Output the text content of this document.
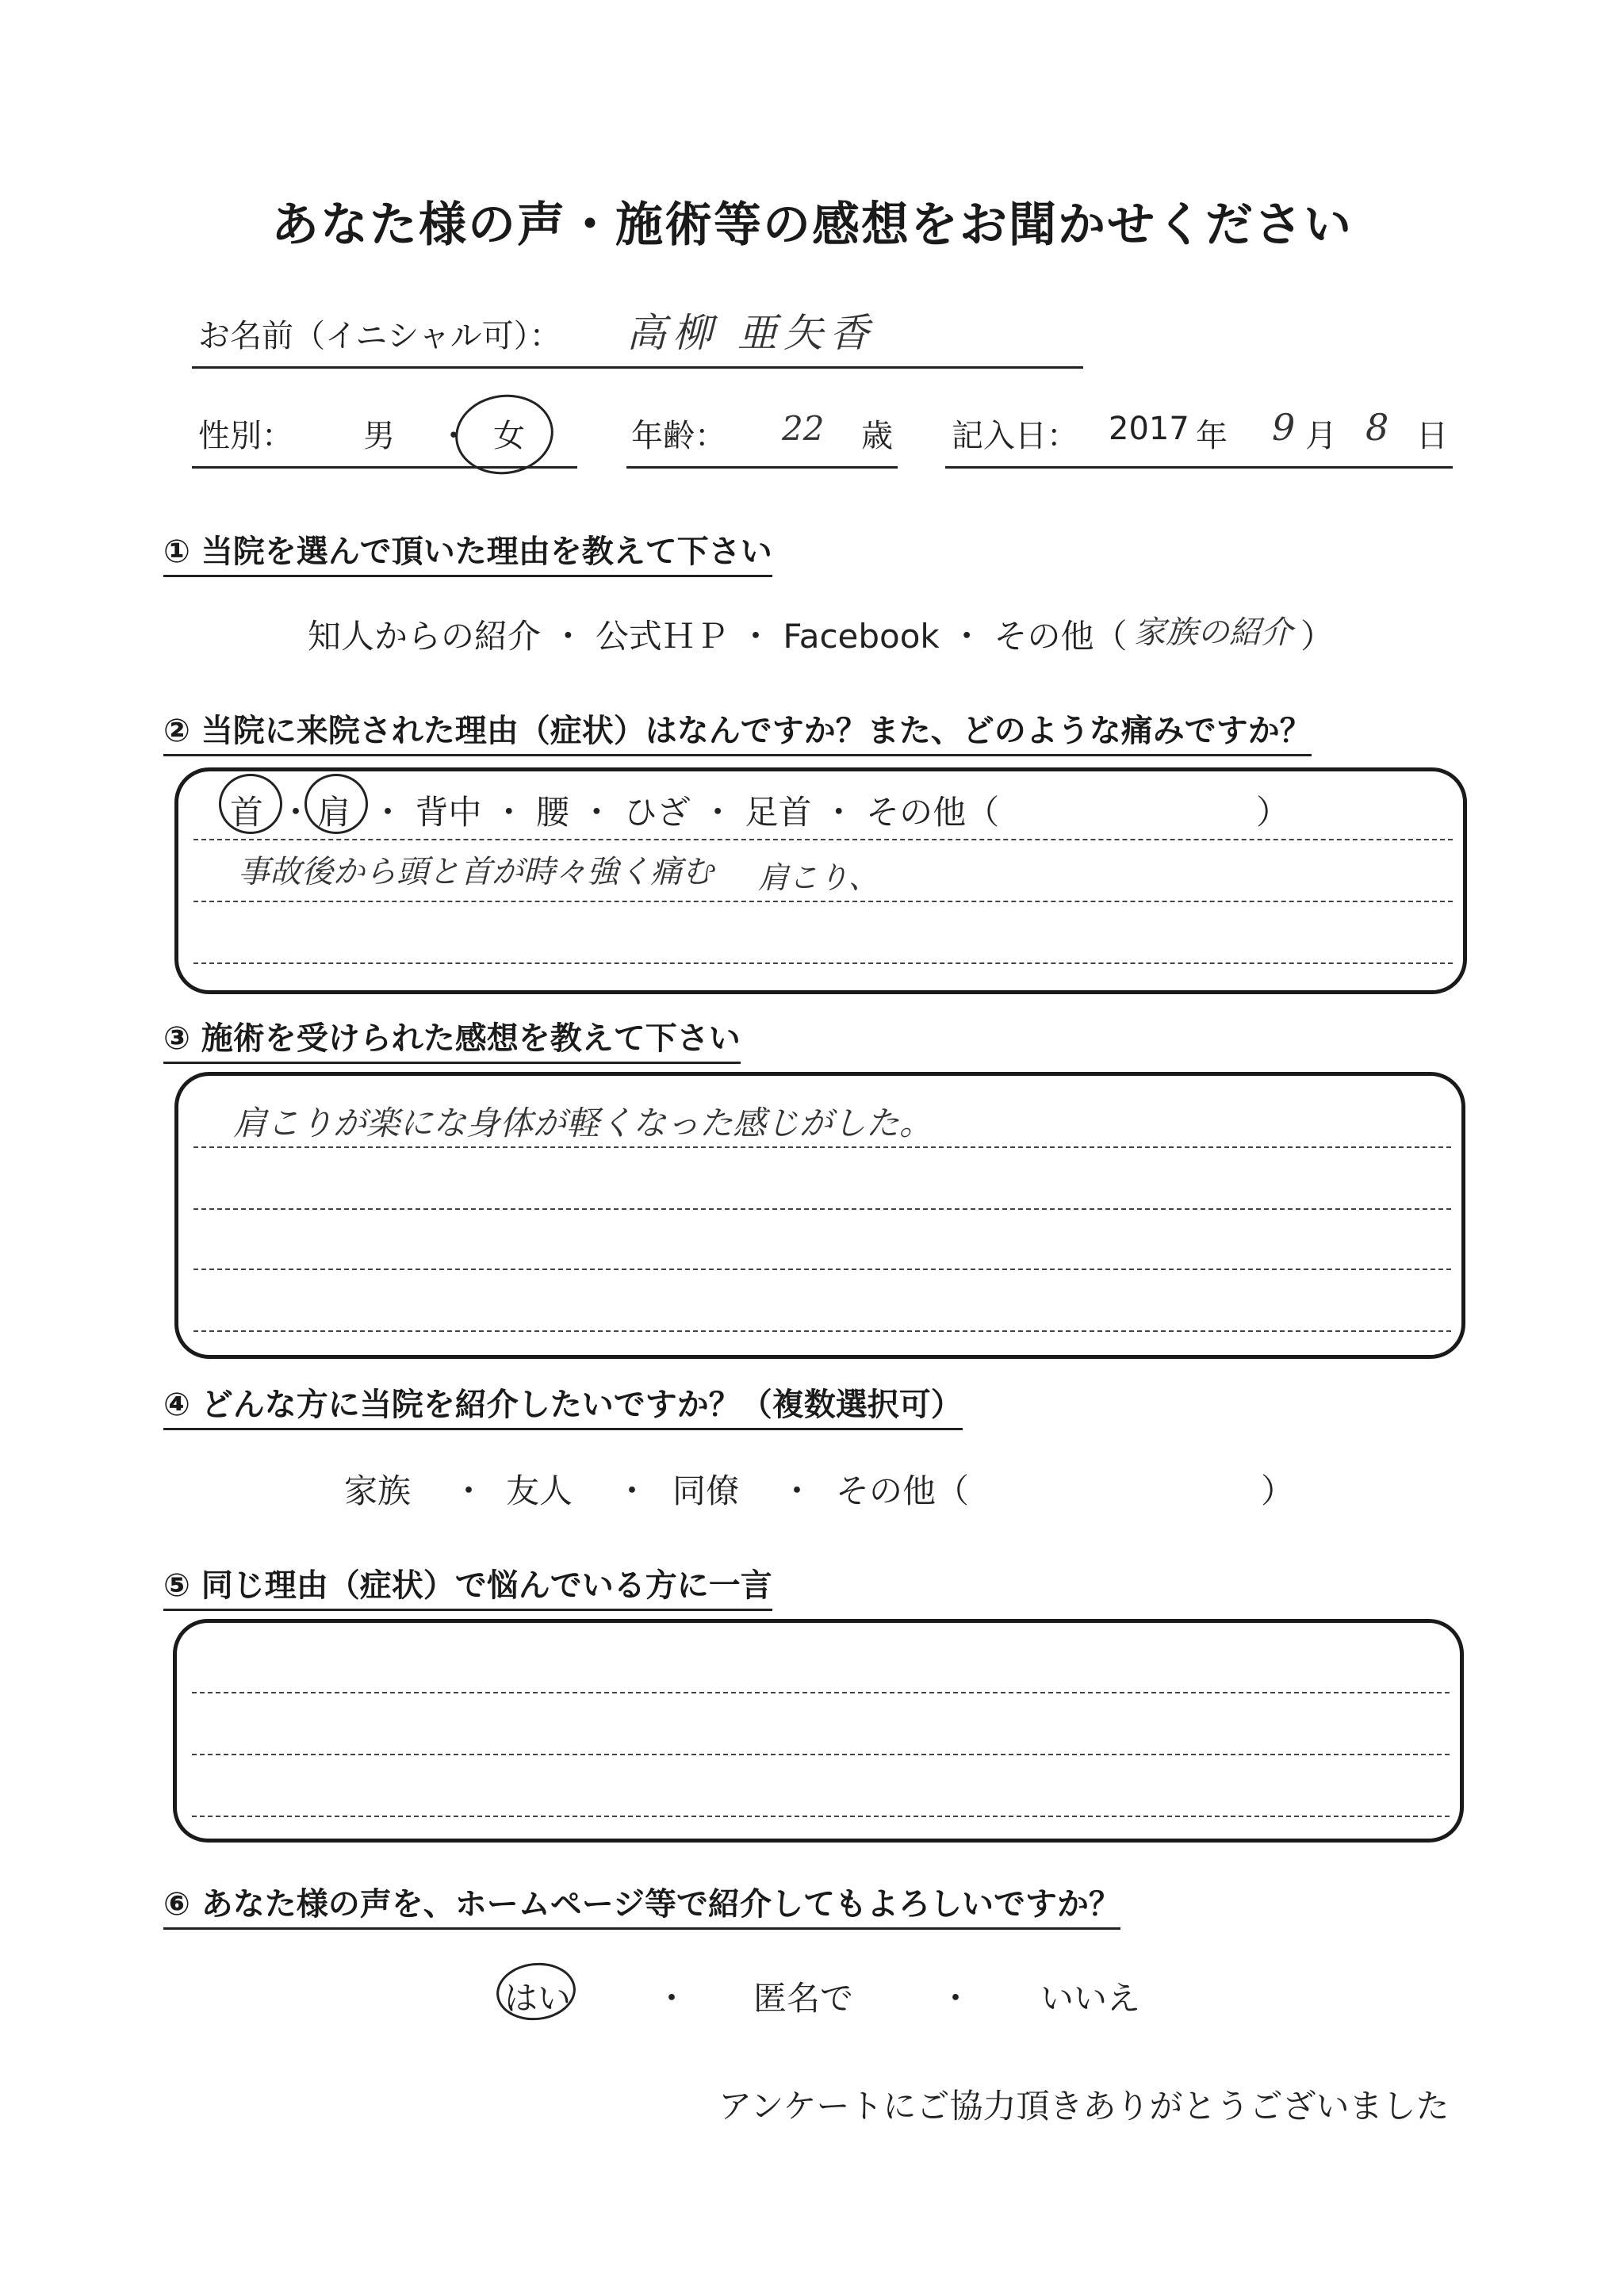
あなた様の声・施術等の感想をお聞かせください
お名前（イニシャル可）： 高柳 亜矢香
性別： 男 ・ 女	年齢： 22 歳 記入日： 2017 年 9 月 8 日
① 当院を選んで頂いた理由を教えて下さい
知人からの紹介 ・ 公式ＨＰ ・ Facebook ・ その他（ 家族の紹介 ）
② 当院に来院された理由（症状）はなんですか？また、どのような痛みですか？
首 ・ 肩 ・ 背中 ・ 腰 ・ ひざ ・ 足首 ・ その他（	）
事故後から頭と首が時々強く痛む 肩こり、
③ 施術を受けられた感想を教えて下さい
肩こりが楽にな身体が軽くなった感じがした。
④ どんな方に当院を紹介したいですか？（複数選択可）
家族 ・ 友人 ・ 同僚 ・ その他（	）
⑤ 同じ理由（症状）で悩んでいる方に一言
⑥ あなた様の声を、ホームページ等で紹介してもよろしいですか？
はい	・ 匿名で	・ いいえ
アンケートにご協力頂きありがとうございました
